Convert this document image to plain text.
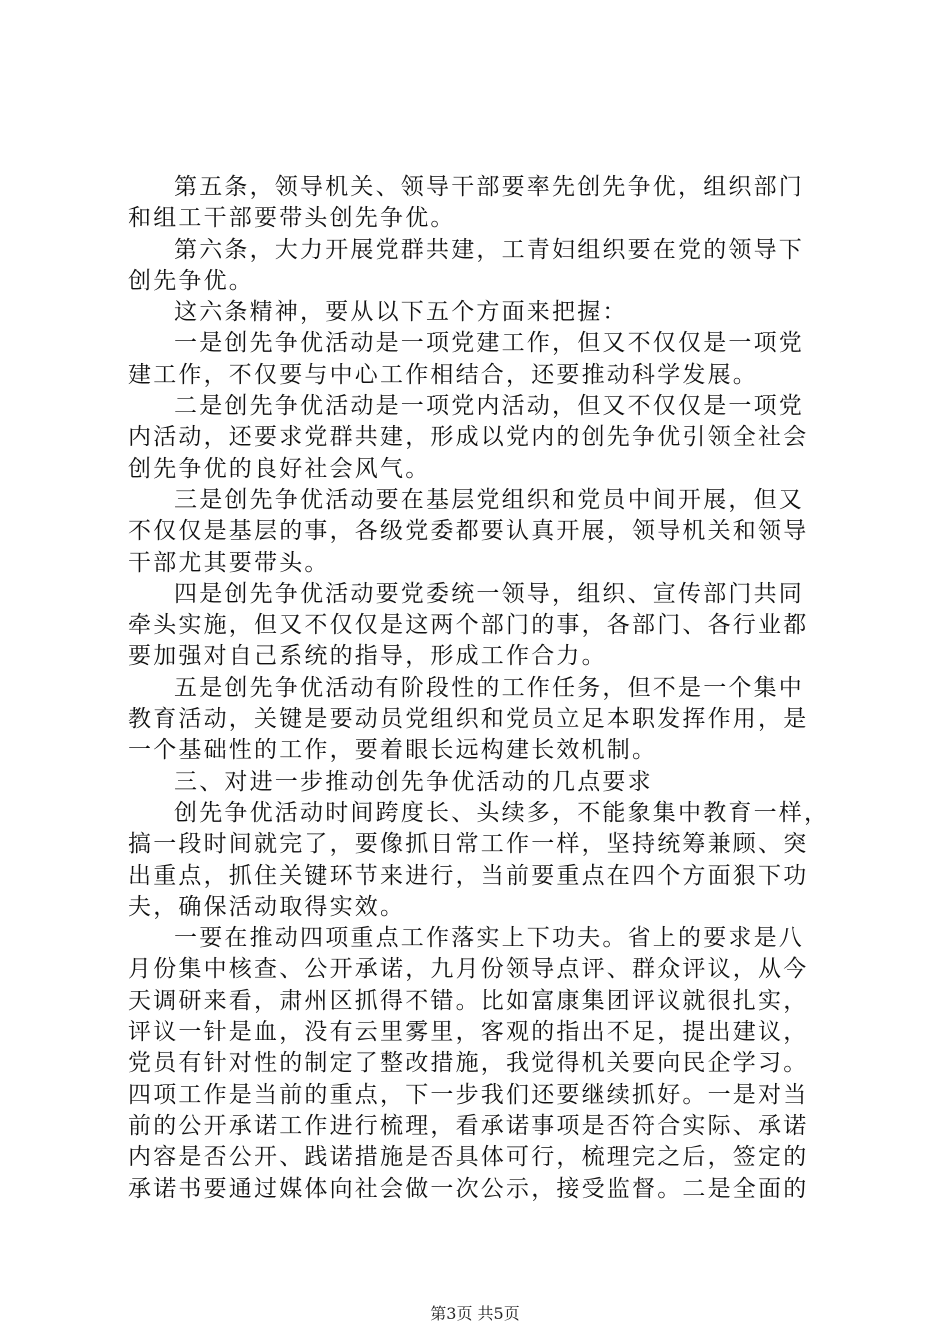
第五条，领导机关、领导干部要率先创先争优，组织部门
和组工干部要带头创先争优。
第六条，大力开展党群共建，工青妇组织要在党的领导下
创先争优。
这六条精神，要从以下五个方面来把握：
一是创先争优活动是一项党建工作，但又不仅仅是一项党
建工作，不仅要与中心工作相结合，还要推动科学发展。
二是创先争优活动是一项党内活动，但又不仅仅是一项党
内活动，还要求党群共建，形成以党内的创先争优引领全社会
创先争优的良好社会风气。
三是创先争优活动要在基层党组织和党员中间开展，但又
不仅仅是基层的事，各级党委都要认真开展，领导机关和领导
干部尤其要带头。
四是创先争优活动要党委统一领导，组织、宣传部门共同
牵头实施，但又不仅仅是这两个部门的事，各部门、各行业都
要加强对自己系统的指导，形成工作合力。
五是创先争优活动有阶段性的工作任务，但不是一个集中
教育活动，关键是要动员党组织和党员立足本职发挥作用，是
一个基础性的工作，要着眼长远构建长效机制。
三、对进一步推动创先争优活动的几点要求
创先争优活动时间跨度长、头续多，不能象集中教育一样，
搞一段时间就完了，要像抓日常工作一样，坚持统筹兼顾、突
出重点，抓住关键环节来进行，当前要重点在四个方面狠下功
夫，确保活动取得实效。
一要在推动四项重点工作落实上下功夫。省上的要求是八
月份集中核查、公开承诺，九月份领导点评、群众评议，从今
天调研来看，肃州区抓得不错。比如富康集团评议就很扎实，
评议一针是血，没有云里雾里，客观的指出不足，提出建议，
党员有针对性的制定了整改措施，我觉得机关要向民企学习。
四项工作是当前的重点，下一步我们还要继续抓好。一是对当
前的公开承诺工作进行梳理，看承诺事项是否符合实际、承诺
内容是否公开、践诺措施是否具体可行，梳理完之后，签定的
承诺书要通过媒体向社会做一次公示，接受监督。二是全面的
第3页 共5页
